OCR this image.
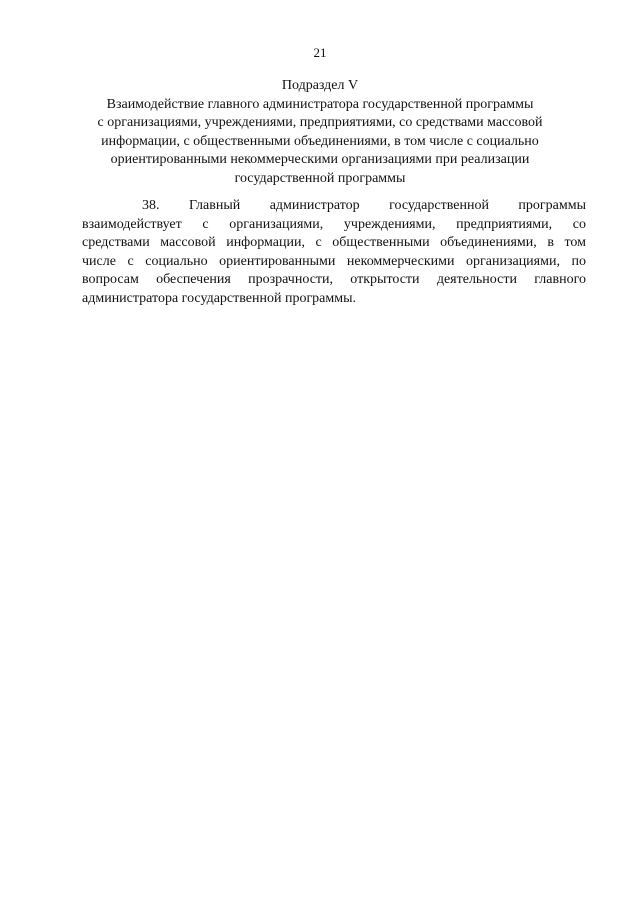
21
Подраздел V
Взаимодействие главного администратора государственной программы
с организациями, учреждениями, предприятиями, со средствами массовой
информации, с общественными объединениями, в том числе с социально
ориентированными некоммерческими организациями при реализации
государственной программы
38. Главный администратор государственной программы
взаимодействует с организациями, учреждениями, предприятиями, со
средствами массовой информации, с общественными объединениями, в том
числе с социально ориентированными некоммерческими организациями, по
вопросам обеспечения прозрачности, открытости деятельности главного
администратора государственной программы.
